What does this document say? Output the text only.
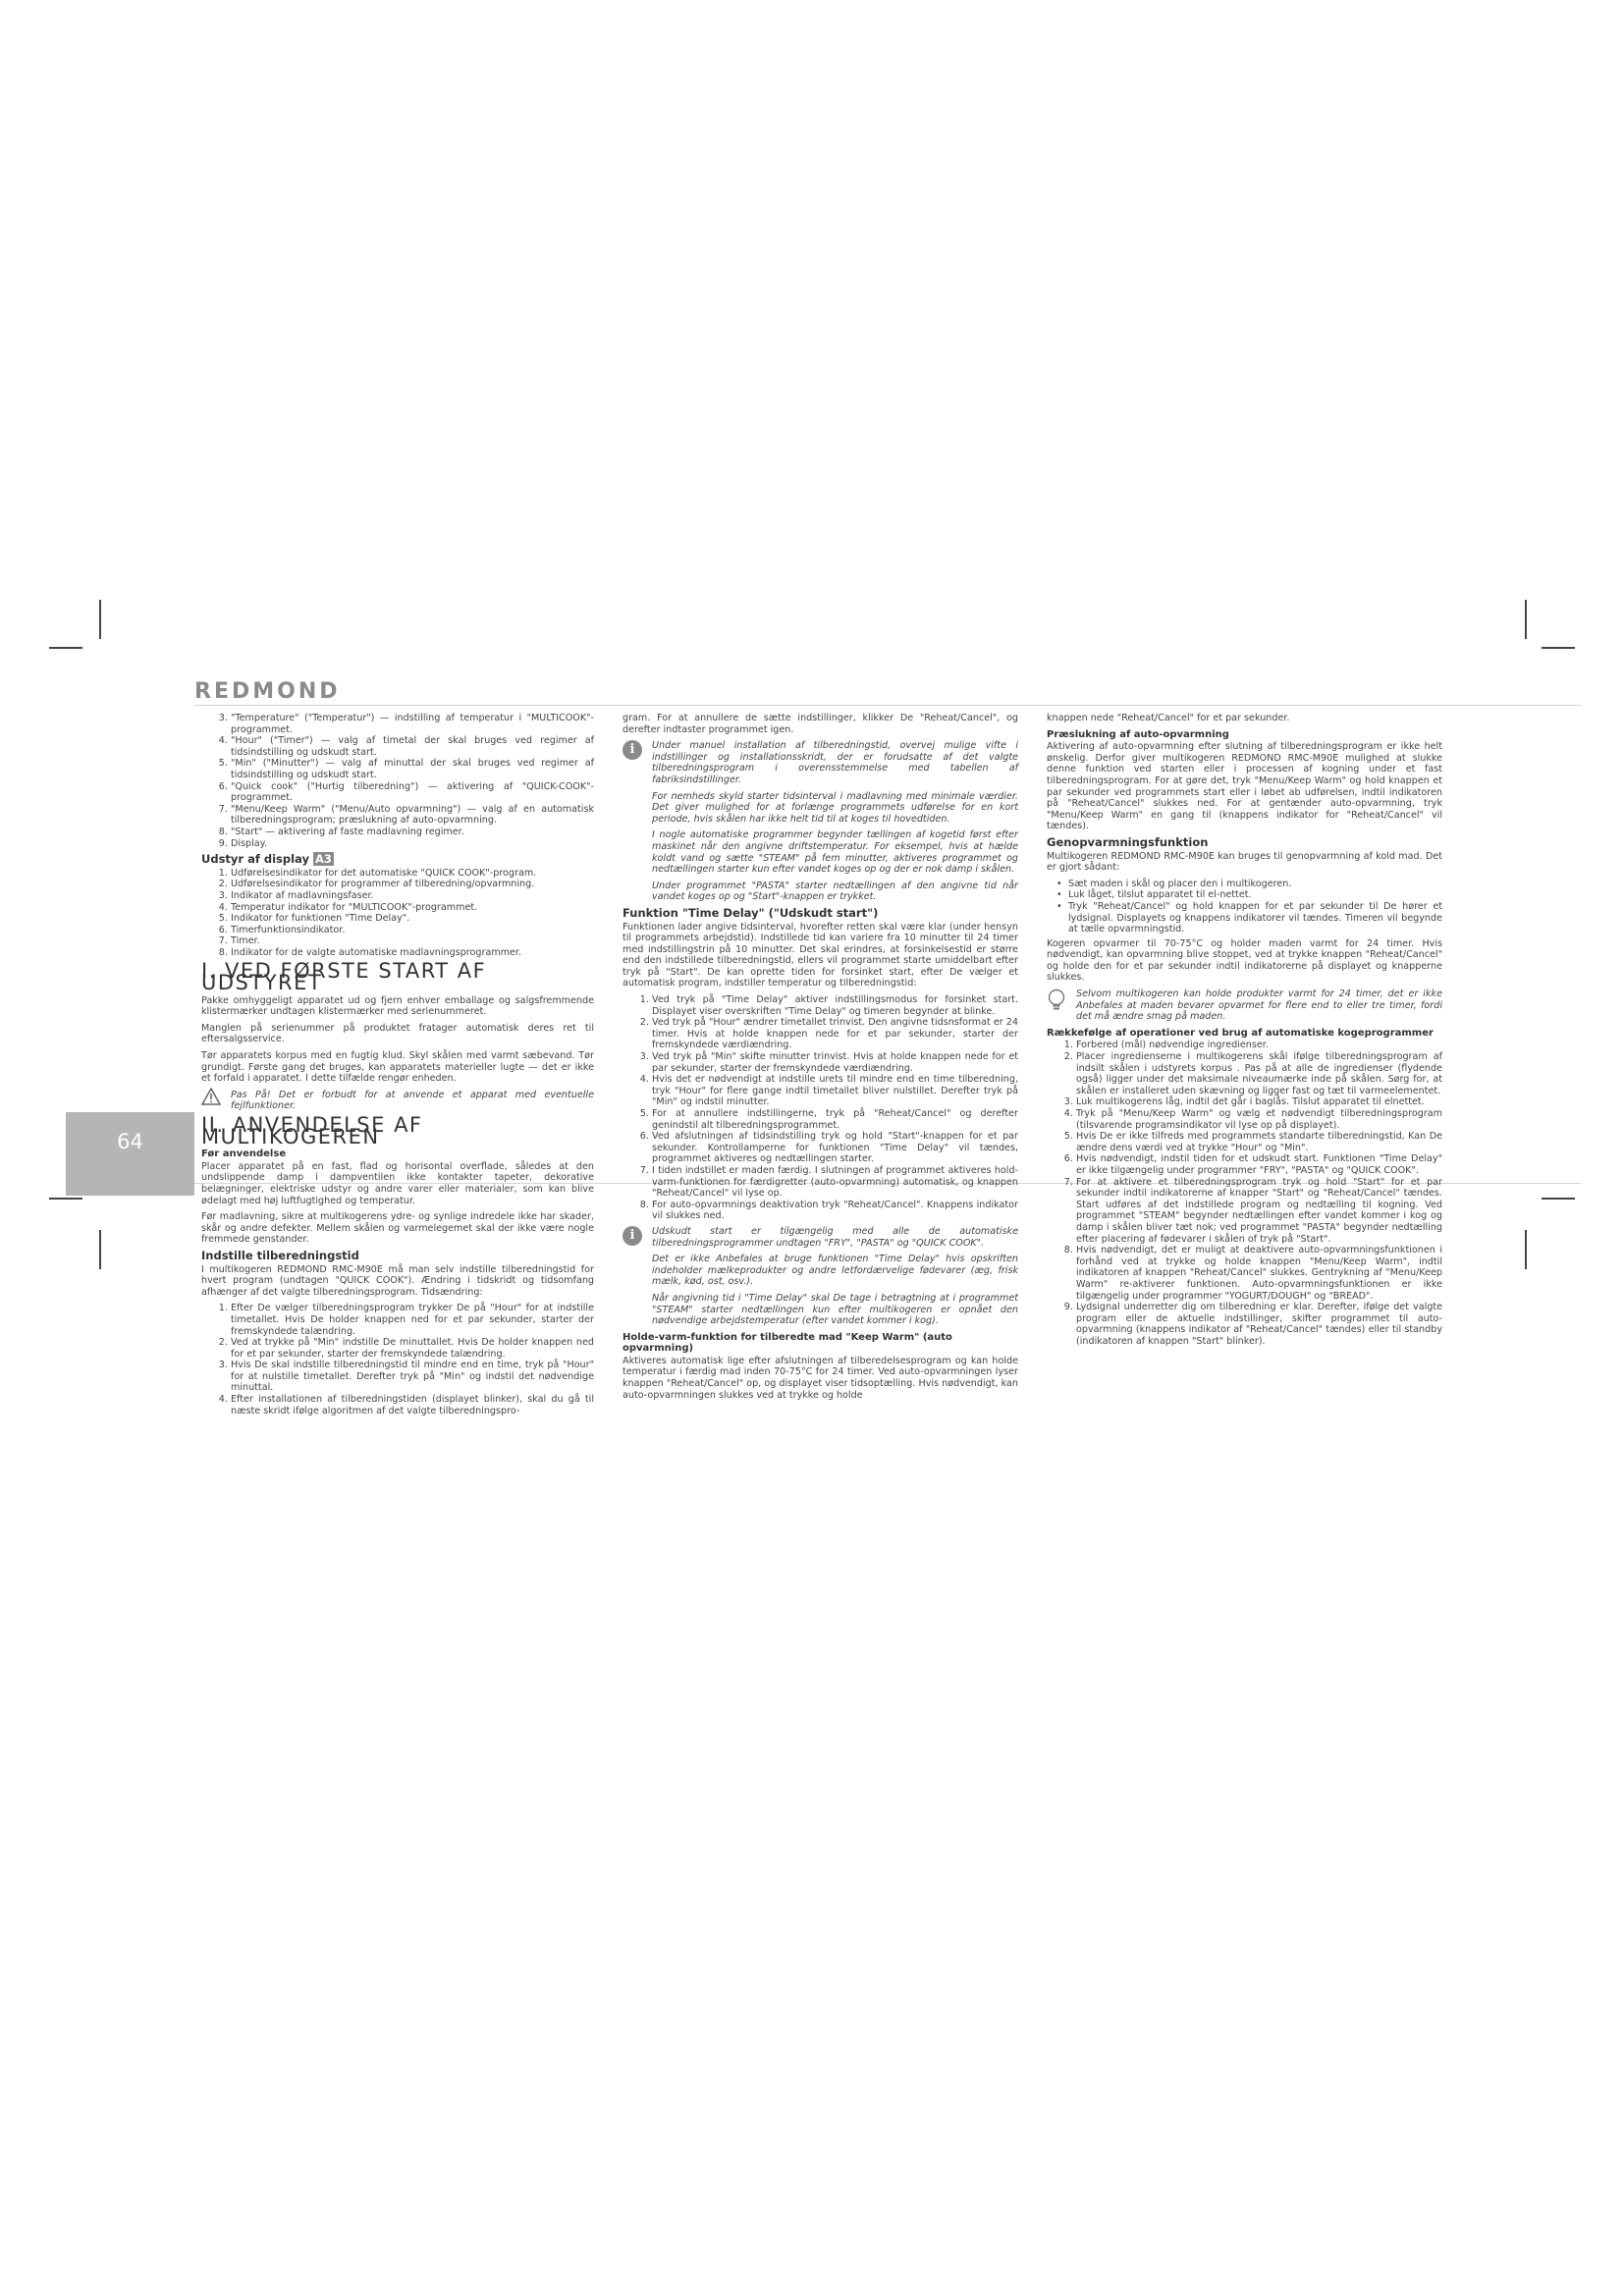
REDMOND
64
3. "Temperature" ("Temperatur") — indstilling af temperatur i "MULTICOOK"-programmet.
4. "Hour" ("Timer") — valg af timetal der skal bruges ved regimer af tidsindstilling og udskudt start.
5. "Min" ("Minutter") — valg af minuttal der skal bruges ved regimer af tidsindstilling og udskudt start.
6. "Quick cook" ("Hurtig tilberedning") — aktivering af "QUICK-COOK"-programmet.
7. "Menu/Keep Warm" ("Menu/Auto opvarmning") — valg af en automatisk tilberedningsprogram; præslukning af auto-opvarmning.
8. "Start" — aktivering af faste madlavning regimer.
9. Display.
Udstyr af display A3
1. Udførelsesindikator for det automatiske "QUICK COOK"-program.
2. Udførelsesindikator for programmer af tilberedning/opvarmning.
3. Indikator af madlavningsfaser.
4. Temperatur indikator for "MULTICOOK"-programmet.
5. Indikator for funktionen "Time Delay".
6. Timerfunktionsindikator.
7. Timer.
8. Indikator for de valgte automatiske madlavningsprogrammer.
I. VED FØRSTE START AF UDSTYRET

Pakke omhyggeligt apparatet ud og fjern enhver emballage og salgsfremmende klistermærker undtagen klistermærker med serienummeret.

Manglen på serienummer på produktet fratager automatisk deres ret til eftersalgsservice.

Tør apparatets korpus med en fugtig klud. Skyl skålen med varmt sæbevand. Tør grundigt. Første gang det bruges, kan apparatets materieller lugte — det er ikke et forfald i apparatet. I dette tilfælde rengør enheden.

Pas På! Det er forbudt for at anvende et apparat med eventuelle fejlfunktioner.

II. ANVENDELSE AF MULTIKOGEREN
Før anvendelse

Placer apparatet på en fast, flad og horisontal overflade, således at den undslippende damp i dampventilen ikke kontakter tapeter, dekorative belægninger, elektriske udstyr og andre varer eller materialer, som kan blive ødelagt med høj luftfugtighed og temperatur.

Før madlavning, sikre at multikogerens ydre- og synlige indredele ikke har skader, skår og andre defekter. Mellem skålen og varmelegemet skal der ikke være nogle fremmede genstander.

Indstille tilberedningstid

I multikogeren REDMOND RMC-M90E må man selv indstille tilberedningstid for hvert program (undtagen "QUICK COOK"). Ændring i tidskridt og tidsomfang afhænger af det valgte tilberedningsprogram. Tidsændring:

1. Efter De vælger tilberedningsprogram trykker De på "Hour" for at indstille timetallet. Hvis De holder knappen ned for et par sekunder, starter der fremskyndede talændring.
2. Ved at trykke på "Min" indstille De minuttallet. Hvis De holder knappen ned for et par sekunder, starter der fremskyndede talændring.
3. Hvis De skal indstille tilberedningstid til mindre end en time, tryk på "Hour" for at nulstille timetallet. Derefter tryk på "Min" og indstil det nødvendige minuttal.
4. Efter installationen af tilberedningstiden (displayet blinker), skal du gå til næste skridt ifølge algoritmen af det valgte tilberedningspro-

gram. For at annullere de sætte indstillinger, klikker De "Reheat/Cancel", og derefter indtaster programmet igen.

i	Under manuel installation af tilberedningstid, overvej mulige vifte i indstillinger og installationsskridt, der er forudsatte af det valgte tilberedningsprogram i overensstemmelse med tabellen af fabriksindstillinger.

For nemheds skyld starter tidsinterval i madlavning med minimale værdier. Det giver mulighed for at forlænge programmets udførelse for en kort periode, hvis skålen har ikke helt tid til at koges til hovedtiden.

I nogle automatiske programmer begynder tællingen af kogetid først efter maskinet når den angivne driftstemperatur. For eksempel, hvis at hælde koldt vand og sætte "STEAM" på fem minutter, aktiveres programmet og nedtællingen starter kun efter vandet koges op og der er nok damp i skålen.

Under programmet "PASTA" starter nedtællingen af den angivne tid når vandet koges op og "Start"-knappen er trykket.

Funktion "Time Delay" ("Udskudt start")

Funktionen lader angive tidsinterval, hvorefter retten skal være klar (under hensyn til programmets arbejdstid). Indstillede tid kan variere fra 10 minutter til 24 timer med indstillingstrin på 10 minutter. Det skal erindres, at forsinkelsestid er større end den indstillede tilberedningstid, ellers vil programmet starte umiddelbart efter tryk på "Start". De kan oprette tiden for forsinket start, efter De vælger et automatisk program, indstiller temperatur og tilberedningstid:

1. Ved tryk på "Time Delay" aktiver indstillingsmodus for forsinket start. Displayet viser overskriften "Time Delay" og timeren begynder at blinke.
2. Ved tryk på "Hour" ændrer timetallet trinvist. Den angivne tidsnsformat er 24 timer. Hvis at holde knappen nede for et par sekunder, starter der fremskyndede værdiændring.
3. Ved tryk på "Min" skifte minutter trinvist. Hvis at holde knappen nede for et par sekunder, starter der fremskyndede værdiændring.
4. Hvis det er nødvendigt at indstille urets til mindre end en time tilberedning, tryk "Hour" for flere gange indtil timetallet bliver nulstillet. Derefter tryk på "Min" og indstil minutter.
5. For at annullere indstillingerne, tryk på "Reheat/Cancel" og derefter genindstil alt tilberedningsprogrammet.
6. Ved afslutningen af tidsindstilling tryk og hold "Start"-knappen for et par sekunder. Kontrollamperne for funktionen "Time Delay" vil tændes, programmet aktiveres og nedtællingen starter.
7. I tiden indstillet er maden færdig. I slutningen af programmet aktiveres hold-varm-funktionen for færdigretter (auto-opvarmning) automatisk, og knappen "Reheat/Cancel" vil lyse op.
8. For auto-opvarmnings deaktivation tryk "Reheat/Cancel". Knappens indikator vil slukkes ned.
i	Udskudt start er tilgængelig med alle de automatiske tilberedningsprogrammer undtagen "FRY", "PASTA" og "QUICK COOK".

Det er ikke Anbefales at bruge funktionen "Time Delay" hvis opskriften indeholder mælkeprodukter og andre letfordærvelige fødevarer (æg, frisk mælk, kød, ost, osv.).

Når angivning tid i "Time Delay" skal De tage i betragtning at i programmet "STEAM" starter nedtællingen kun efter multikogeren er opnået den nødvendige arbejdstemperatur (efter vandet kommer i kog).

Holde-varm-funktion for tilberedte mad "Keep Warm" (auto opvarmning)

Aktiveres automatisk lige efter afslutningen af tilberedelsesprogram og kan holde temperatur i færdig mad inden 70-75°C for 24 timer. Ved auto-opvarmningen lyser knappen "Reheat/Cancel" op, og displayet viser tidsoptælling. Hvis nødvendigt, kan auto-opvarmningen slukkes ved at trykke og holde

knappen nede "Reheat/Cancel" for et par sekunder.

Præslukning af auto-opvarmning

Aktivering af auto-opvarmning efter slutning af tilberedningsprogram er ikke helt ønskelig. Derfor giver multikogeren REDMOND RMC-M90E mulighed at slukke denne funktion ved starten eller i processen af kogning under et fast tilberedningsprogram. For at gøre det, tryk "Menu/Keep Warm" og hold knappen et par sekunder ved programmets start eller i løbet ab udførelsen, indtil indikatoren på "Reheat/Cancel" slukkes ned. For at gentænder auto-opvarmning, tryk "Menu/Keep Warm" en gang til (knappens indikator for "Reheat/Cancel" vil tændes).

Genopvarmningsfunktion

Multikogeren REDMOND RMC-M90E kan bruges til genopvarmning af kold mad. Det er gjort sådant:

• Sæt maden i skål og placer den i multikogeren.
• Luk låget, tilslut apparatet til el-nettet.
• Tryk "Reheat/Cancel" og hold knappen for et par sekunder til De hører et lydsignal. Displayets og knappens indikatorer vil tændes. Timeren vil begynde at tælle opvarmningstid.

Kogeren opvarmer til 70-75°C og holder maden varmt for 24 timer. Hvis nødvendigt, kan opvarmning blive stoppet, ved at trykke knappen "Reheat/Cancel" og holde den for et par sekunder indtil indikatorerne på displayet og knapperne slukkes.

Selvom multikogeren kan holde produkter varmt for 24 timer, det er ikke Anbefales at maden bevarer opvarmet for flere end to eller tre timer, fordi det må ændre smag på maden.

Rækkefølge af operationer ved brug af automatiske kogeprogrammer
1. Forbered (mål) nødvendige ingredienser.
2. Placer ingredienserne i multikogerens skål ifølge tilberedningsprogram af indsilt skålen i udstyrets korpus . Pas på at alle de ingredienser (flydende også) ligger under det maksimale niveaumærke inde på skålen. Sørg for, at skålen er installeret uden skævning og ligger fast og tæt til varmeelementet.
3. Luk multikogerens låg, indtil det går i baglås. Tilslut apparatet til elnettet.
4. Tryk på "Menu/Keep Warm" og vælg et nødvendigt tilberedningsprogram (tilsvarende programsindikator vil lyse op på displayet).
5. Hvis De er ikke tilfreds med programmets standarte tilberedningstid, Kan De ændre dens værdi ved at trykke "Hour" og "Min".
6. Hvis nødvendigt, indstil tiden for et udskudt start. Funktionen "Time Delay" er ikke tilgængelig under programmer "FRY", "PASTA" og "QUICK COOK".
7. For at aktivere et tilberedningsprogram tryk og hold "Start" for et par sekunder indtil indikatorerne af knapper "Start" og "Reheat/Cancel" tændes. Start udføres af det indstillede program og nedtælling til kogning. Ved programmet "STEAM" begynder nedtællingen efter vandet kommer i kog og damp i skålen bliver tæt nok; ved programmet "PASTA" begynder nedtælling efter placering af fødevarer i skålen of tryk på "Start".
8. Hvis nødvendigt, det er muligt at deaktivere auto-opvarmningsfunktionen i forhånd ved at trykke og holde knappen "Menu/Keep Warm", indtil indikatoren af knappen "Reheat/Cancel" slukkes. Gentrykning af "Menu/Keep Warm" re-aktiverer funktionen. Auto-opvarmningsfunktionen er ikke tilgængelig under programmer "YOGURT/DOUGH" og "BREAD".
9. Lydsignal underretter dig om tilberedning er klar. Derefter, ifølge det valgte program eller de aktuelle indstillinger, skifter programmet til auto-opvarmning (knappens indikator af "Reheat/Cancel" tændes) eller til standby (indikatoren af knappen "Start" blinker).
